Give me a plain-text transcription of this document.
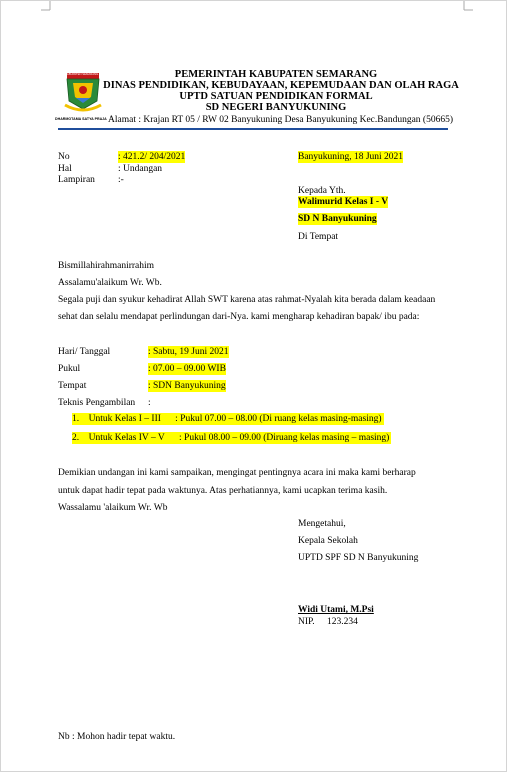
DHARMOTAMA SATYA PRAJA
KABUPATEN SEMARANG	PEMERINTAH KABUPATEN SEMARANG
DINAS PENDIDIKAN, KEBUDAYAAN, KEPEMUDAAN DAN OLAH RAGA
UPTD SATUAN PENDIDIKAN FORMAL
SD NEGERI BANYUKUNING
Alamat : Krajan RT 05 / RW 02 Banyukuning Desa Banyukuning Kec.Bandungan (50665)
No	: 421.2/ 204/2021
Hal	: Undangan
Lampiran :-
Banyukuning, 18 Juni 2021
Kepada Yth.
Walimurid Kelas I - V
SD N Banyukuning
Di Tempat
Bismillahirahmanirrahim
Assalamu'alaikum Wr. Wb.
Segala puji dan syukur kehadirat Allah SWT karena atas rahmat-Nyalah kita berada dalam keadaan
sehat dan selalu mendapat perlindungan dari-Nya. kami mengharap kehadiran bapak/ ibu pada:
Hari/ Tanggal	: Sabtu, 19 Juni 2021
Pukul	: 07.00 – 09.00 WIB
Tempat	: SDN Banyukuning
Teknis Pengambilan :
1. Untuk Kelas I – III : Pukul 07.00 – 08.00 (Di ruang kelas masing-masing)
2. Untuk Kelas IV – V : Pukul 08.00 – 09.00 (Diruang kelas masing – masing)
Demikian undangan ini kami sampaikan, mengingat pentingnya acara ini maka kami berharap
untuk dapat hadir tepat pada waktunya. Atas perhatiannya, kami ucapkan terima kasih.
Wassalamu 'alaikum Wr. Wb
Mengetahui,
Kepala Sekolah
UPTD SPF SD N Banyukuning
Widi Utami, M.Psi
NIP. 123.234
Nb : Mohon hadir tepat waktu.
